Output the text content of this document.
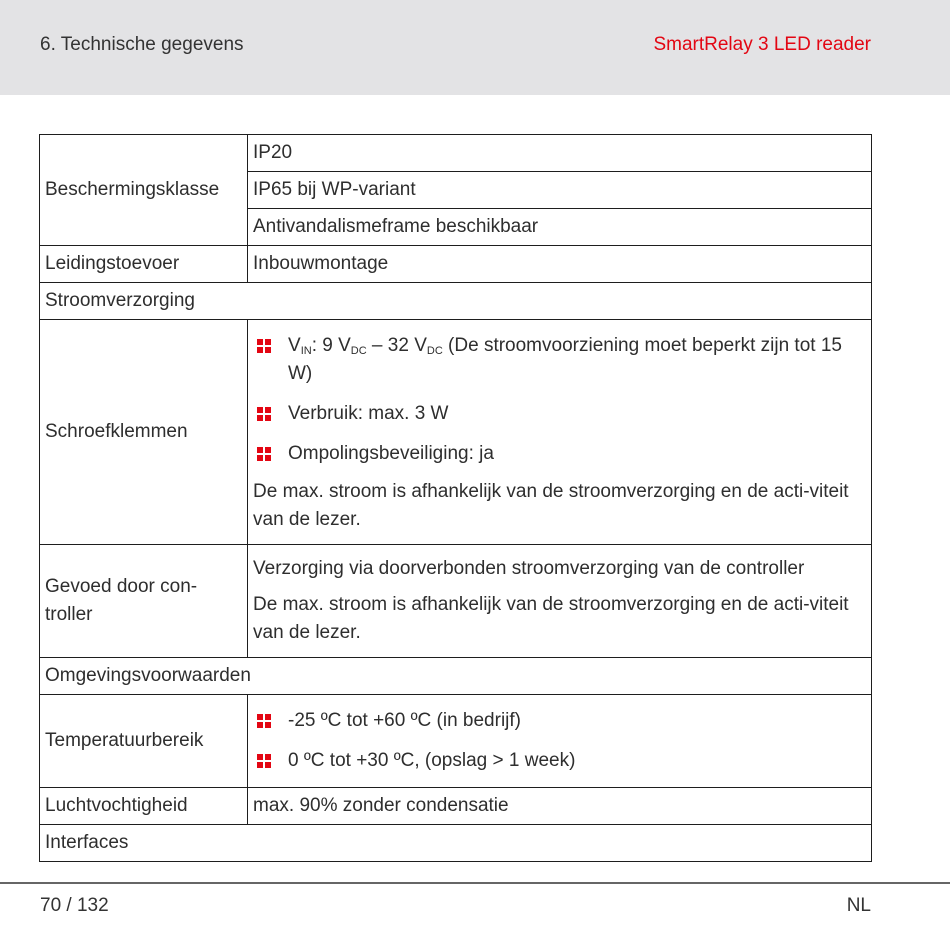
6. Technische gegevens	SmartRelay 3 LED reader
Beschermingsklasse	IP20
	IP65 bij WP-variant
	Antivandalismeframe beschikbaar
Leidingstoevoer	Inbouwmontage
Stroomverzorging	
Schroefklemmen	$V_{IN}$: 9 $V_{DC} - 32$ $V_{DC}$ (De stroomvoorziening moet beperkt zijn tot 15 W)
Verbruik: max. 3 W
Ompolingsbeveiliging: ja
De max. stroom is afhankelijk van de stroomverzorging en de acti-viteit van de lezer.

Gevoed door con-troller	Verzorging via doorverbonden stroomverzorging van de controller
De max. stroom is afhankelijk van de stroomverzorging en de acti-viteit van de lezer.

Omgevingsvoorwaarden	
Temperatuurbereik	-25 ºC tot +60 ºC (in bedrijf)
0 ºC tot +30 ºC, (opslag > 1 week)

Luchtvochtigheid	max. 90% zonder condensatie
Interfaces	
70 / 132	NL
